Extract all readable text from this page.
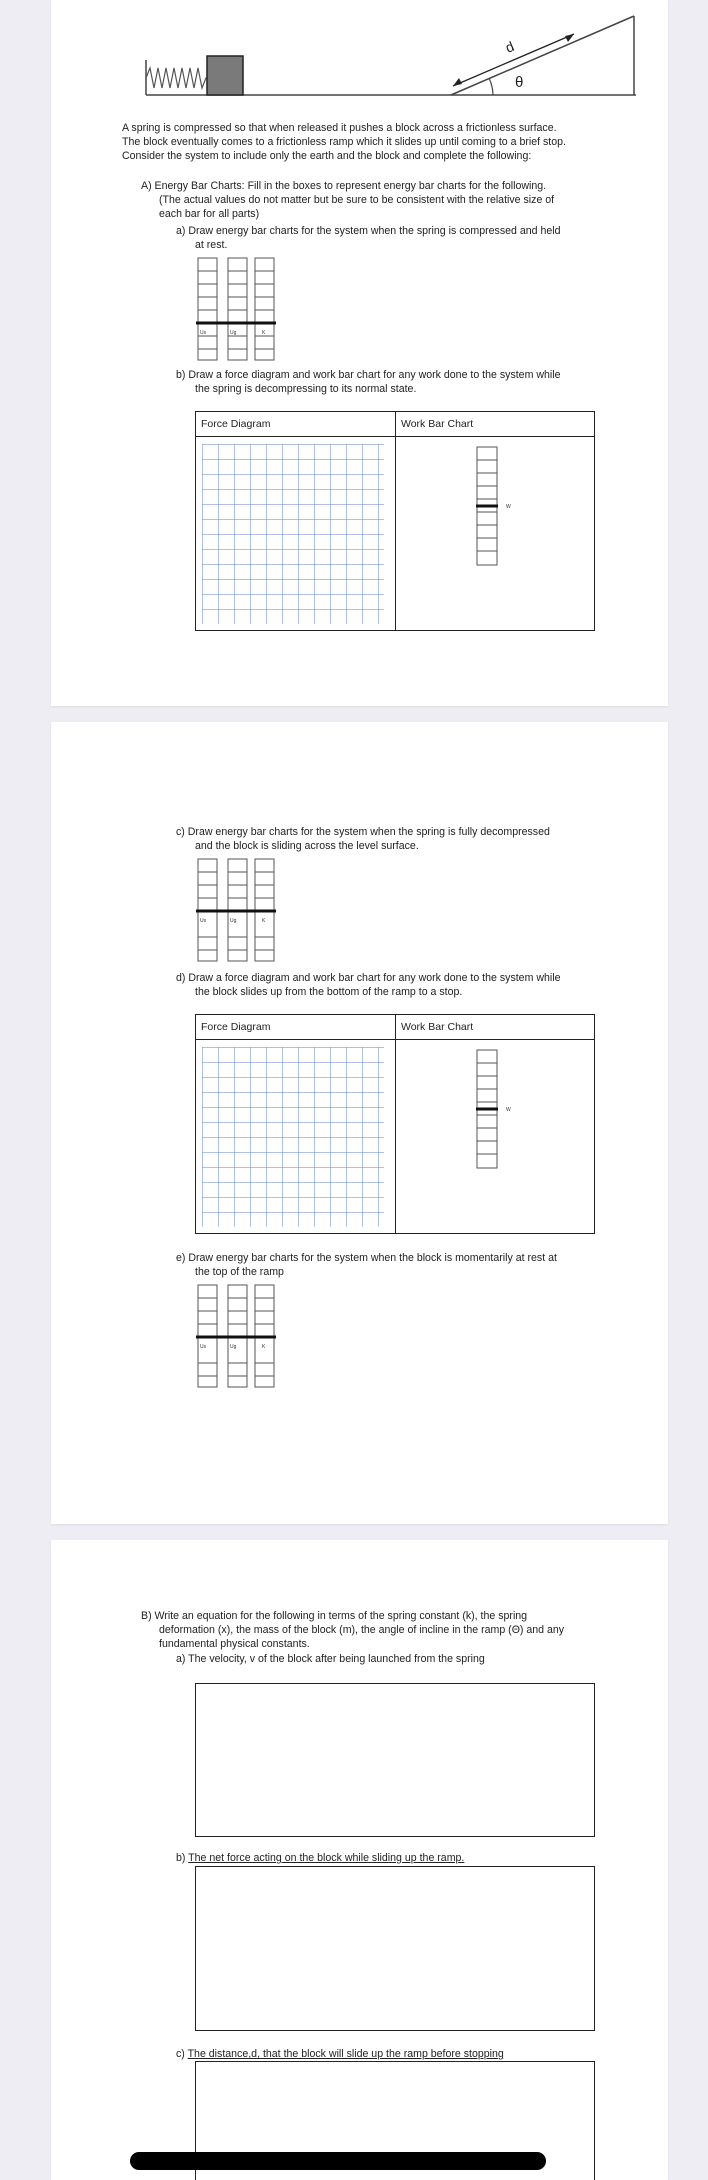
d
θ
A spring is compressed so that when released it pushes a block across a frictionless surface.
The block eventually comes to a frictionless ramp which it slides up until coming to a brief stop.
Consider the system to include only the earth and the block and complete the following:
A) Energy Bar Charts: Fill in the boxes to represent energy bar charts for the following.
(The actual values do not matter but be sure to be consistent with the relative size of
each bar for all parts)
a) Draw energy bar charts for the system when the spring is compressed and held
at rest.
Us	Ug	K
b) Draw a force diagram and work bar chart for any work done to the system while
the spring is decompressing to its normal state.
Force Diagram	Work Bar Chart
W
c) Draw energy bar charts for the system when the spring is fully decompressed
and the block is sliding across the level surface.
Us	Ug	K
d) Draw a force diagram and work bar chart for any work done to the system while
the block slides up from the bottom of the ramp to a stop.
Force Diagram	Work Bar Chart
W
e) Draw energy bar charts for the system when the block is momentarily at rest at
the top of the ramp
Us	Ug	K
B) Write an equation for the following in terms of the spring constant (k), the spring
deformation (x), the mass of the block (m), the angle of incline in the ramp (Θ) and any
fundamental physical constants.
a) The velocity, v of the block after being launched from the spring
b) The net force acting on the block while sliding up the ramp.
c) The distance,d, that the block will slide up the ramp before stopping
